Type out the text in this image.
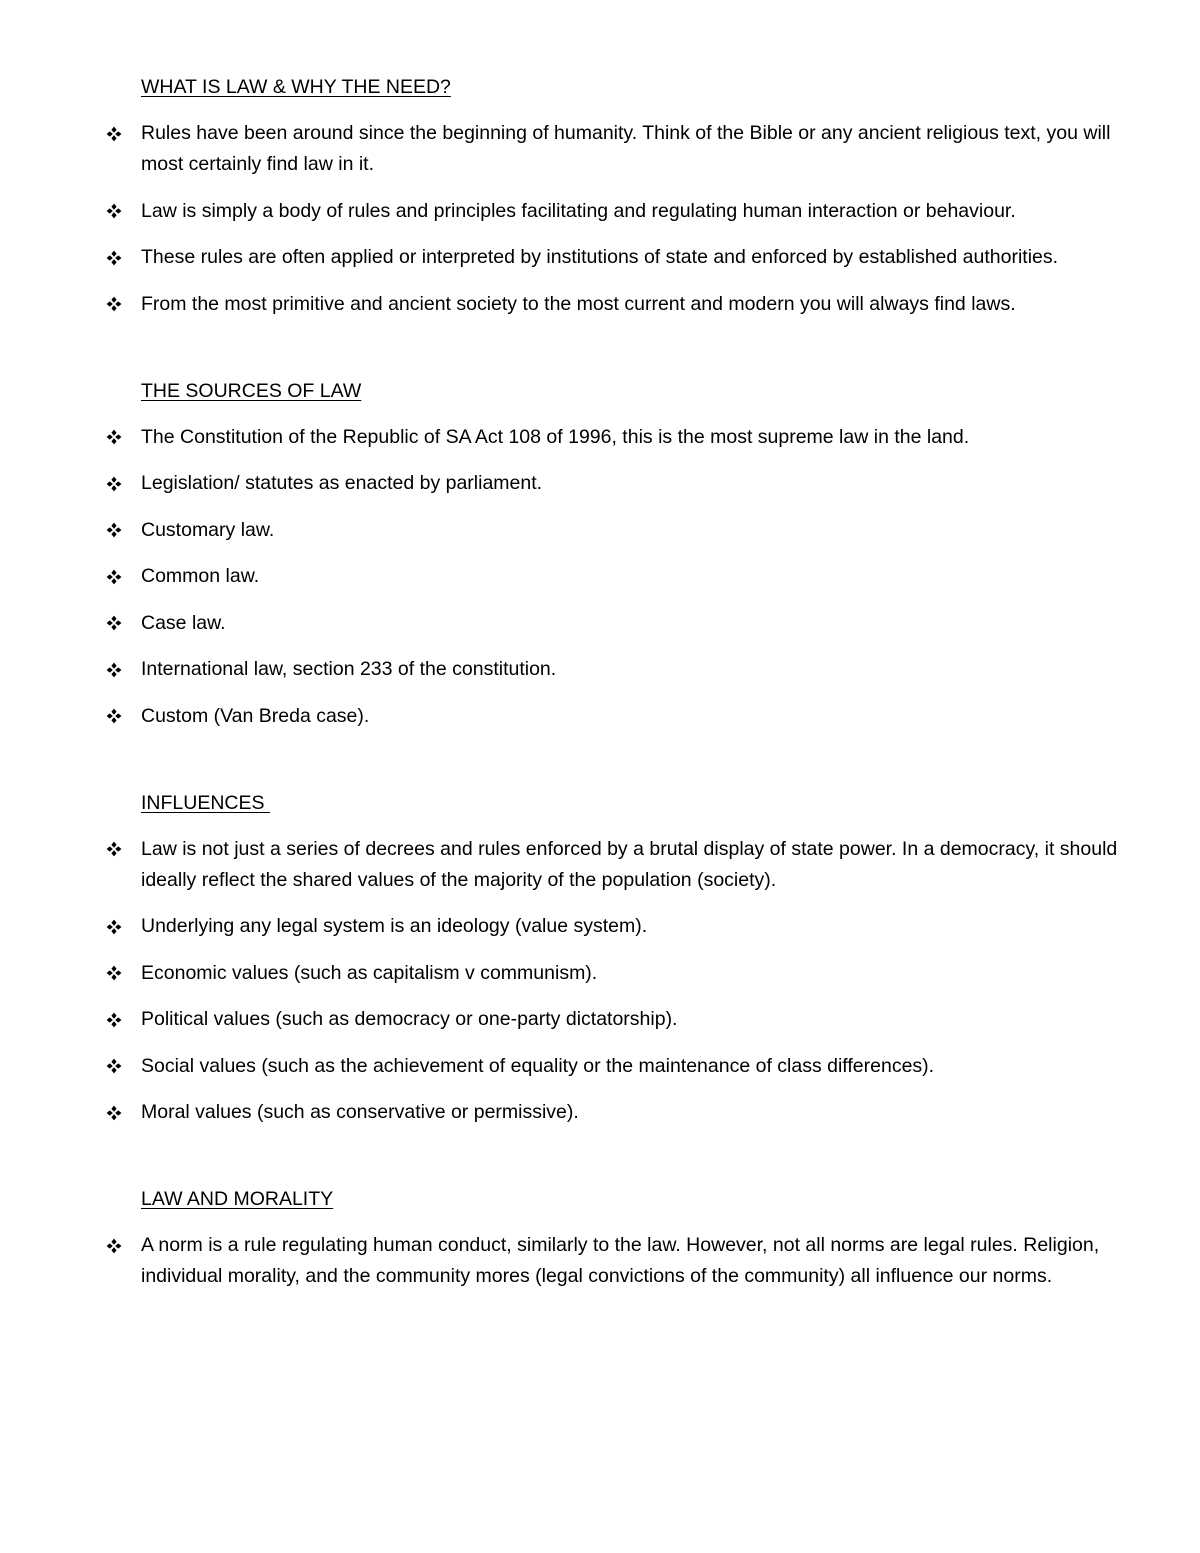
WHAT IS LAW & WHY THE NEED?
Rules have been around since the beginning of humanity. Think of the Bible or any ancient religious text, you will most certainly find law in it.
Law is simply a body of rules and principles facilitating and regulating human interaction or behaviour.
These rules are often applied or interpreted by institutions of state and enforced by established authorities.
From the most primitive and ancient society to the most current and modern you will always find laws.
THE SOURCES OF LAW
The Constitution of the Republic of SA Act 108 of 1996, this is the most supreme law in the land.
Legislation/ statutes as enacted by parliament.
Customary law.
Common law.
Case law.
International law, section 233 of the constitution.
Custom (Van Breda case).
INFLUENCES
Law is not just a series of decrees and rules enforced by a brutal display of state power. In a democracy, it should ideally reflect the shared values of the majority of the population (society).
Underlying any legal system is an ideology (value system).
Economic values (such as capitalism v communism).
Political values (such as democracy or one-party dictatorship).
Social values (such as the achievement of equality or the maintenance of class differences).
Moral values (such as conservative or permissive).
LAW AND MORALITY
A norm is a rule regulating human conduct, similarly to the law. However, not all norms are legal rules. Religion, individual morality, and the community mores (legal convictions of the community) all influence our norms.
